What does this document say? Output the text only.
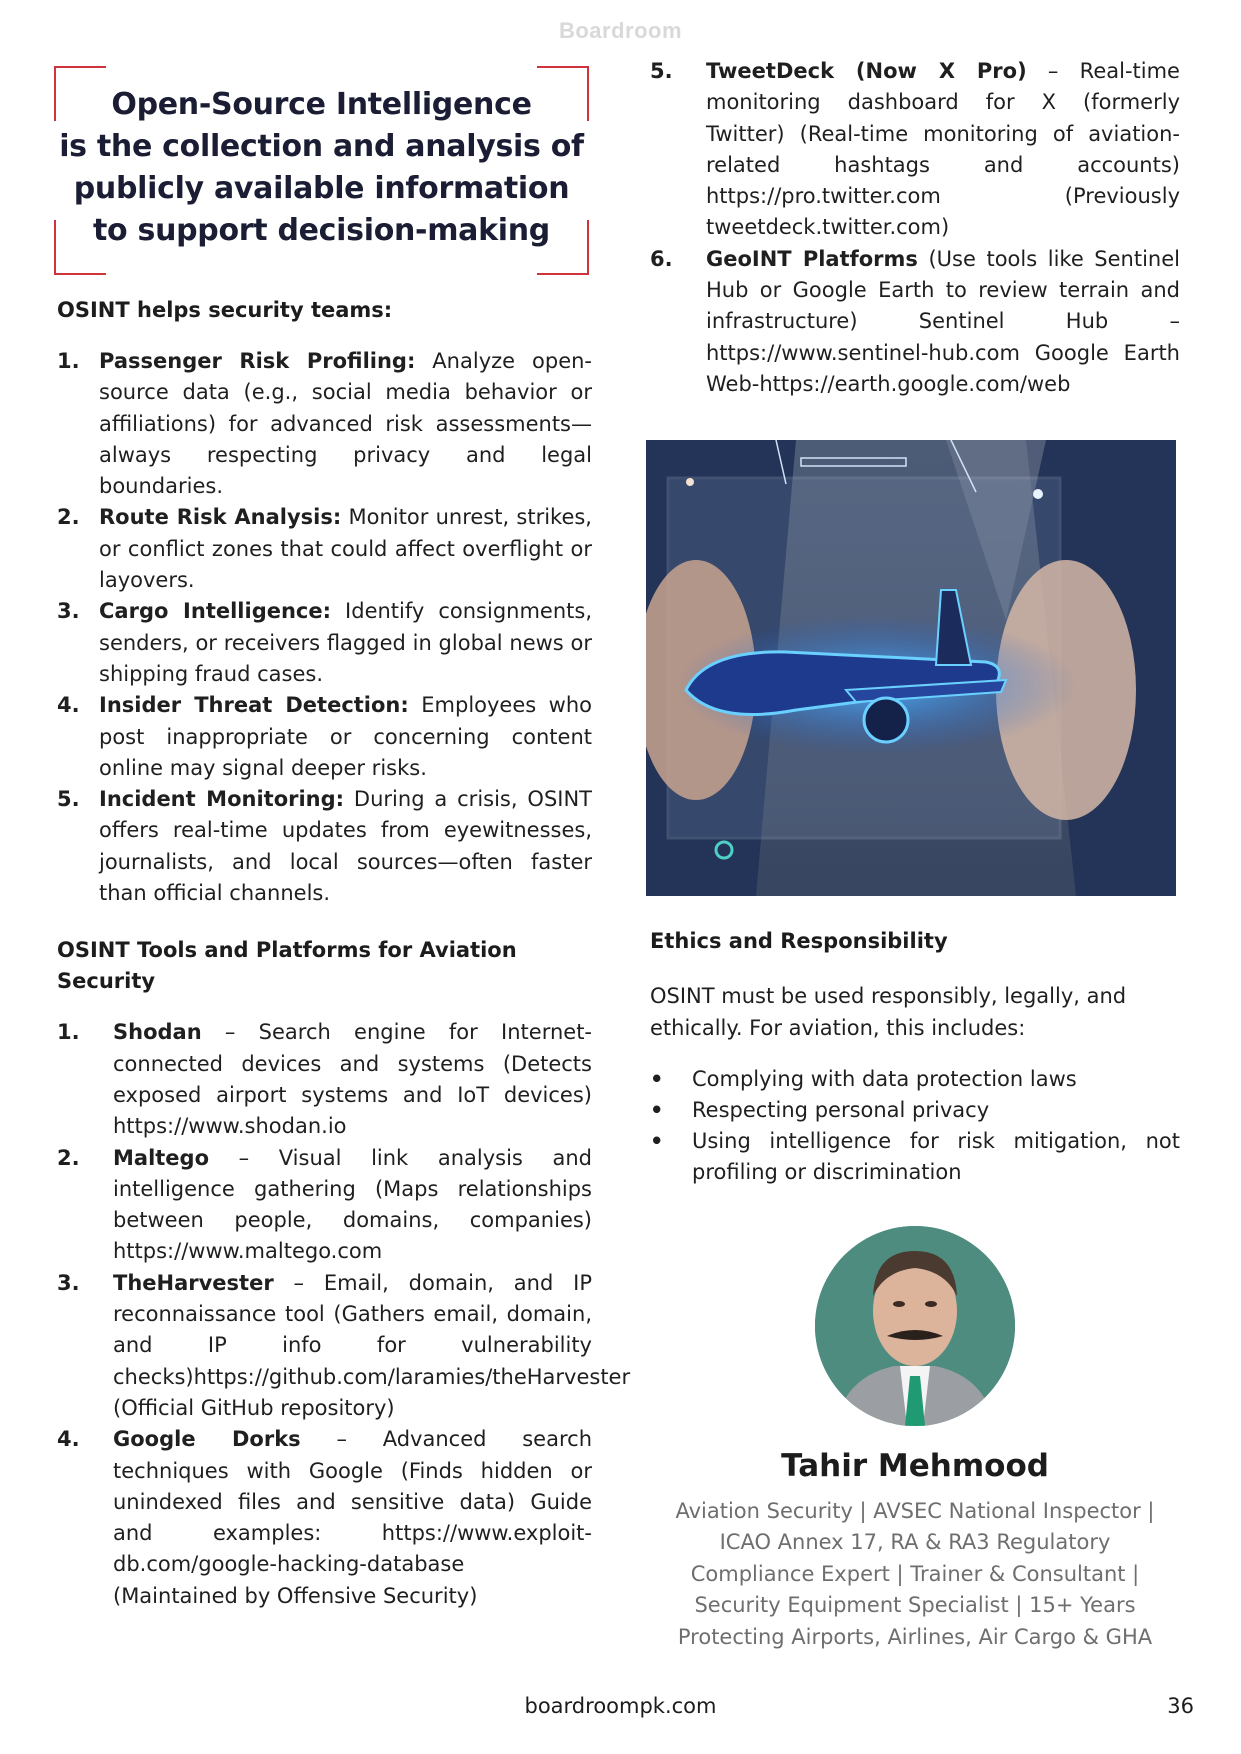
Boardroom
Open-Source Intelligence
is the collection and analysis of
publicly available information
to support decision-making
OSINT helps security teams:
1. Passenger Risk Profiling: Analyze open-source data (e.g., social media behavior or affiliations) for advanced risk assessments—always respecting privacy and legal boundaries.
2. Route Risk Analysis: Monitor unrest, strikes, or conflict zones that could affect overflight or layovers.
3. Cargo Intelligence: Identify consignments, senders, or receivers flagged in global news or shipping fraud cases.
4. Insider Threat Detection: Employees who post inappropriate or concerning content online may signal deeper risks.
5. Incident Monitoring: During a crisis, OSINT offers real-time updates from eyewitnesses, journalists, and local sources—often faster than official channels.
OSINT Tools and Platforms for Aviation Security
1. Shodan – Search engine for Internet-connected devices and systems (Detects exposed airport systems and IoT devices) https://www.shodan.io
2. Maltego – Visual link analysis and intelligence gathering (Maps relationships between people, domains, companies) https://www.maltego.com
3. TheHarvester – Email, domain, and IP reconnaissance tool (Gathers email, domain, and IP info for vulnerability checks)https://github.com/laramies/theHarvester (Official GitHub repository)
4. Google Dorks – Advanced search techniques with Google (Finds hidden or unindexed files and sensitive data) Guide and examples: https://www.exploit-db.com/google-hacking-database (Maintained by Offensive Security)
5. TweetDeck (Now X Pro) – Real-time monitoring dashboard for X (formerly Twitter) (Real-time monitoring of aviation-related hashtags and accounts) https://pro.twitter.com (Previously tweetdeck.twitter.com)
6. GeoINT Platforms (Use tools like Sentinel Hub or Google Earth to review terrain and infrastructure) Sentinel Hub – https://www.sentinel-hub.com Google Earth Web-https://earth.google.com/web
Ethics and Responsibility
OSINT must be used responsibly, legally, and ethically. For aviation, this includes:
• Complying with data protection laws
• Respecting personal privacy
• Using intelligence for risk mitigation, not profiling or discrimination
Tahir Mehmood
Aviation Security | AVSEC National Inspector |
ICAO Annex 17, RA & RA3 Regulatory
Compliance Expert | Trainer & Consultant |
Security Equipment Specialist | 15+ Years
Protecting Airports, Airlines, Air Cargo & GHA
boardroompk.com	36
